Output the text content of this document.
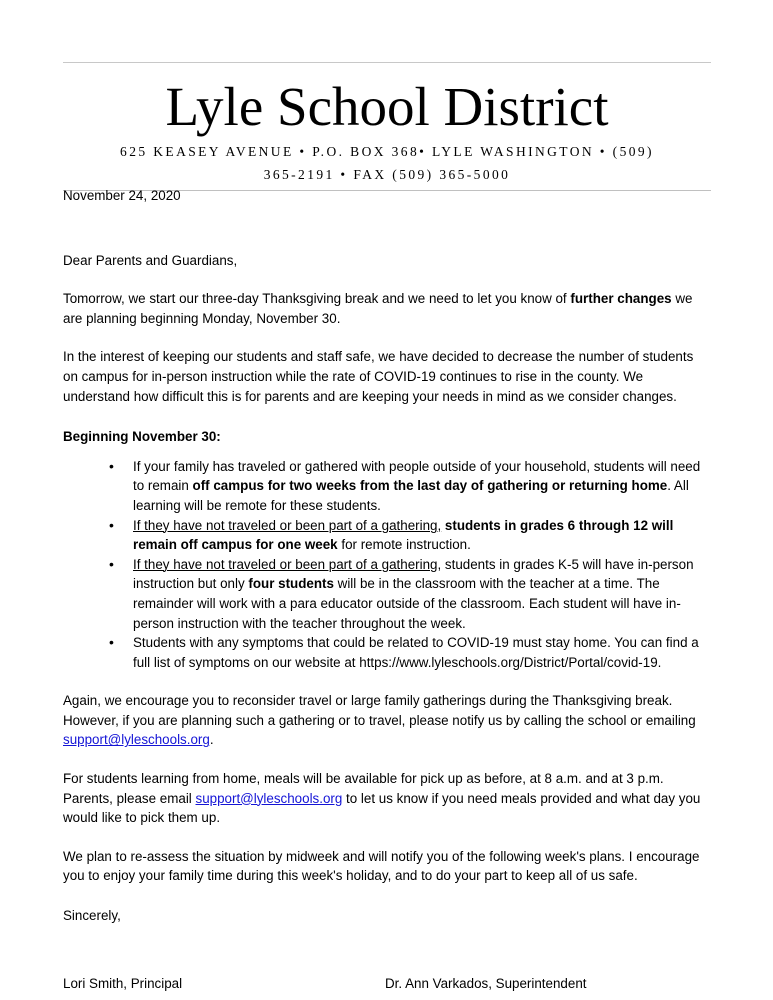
Lyle School District
625 KEASEY AVENUE • P.O. BOX 368• LYLE WASHINGTON • (509)
365-2191 • FAX (509) 365-5000
November 24, 2020
Dear Parents and Guardians,

Tomorrow, we start our three-day Thanksgiving break and we need to let you know of further changes we are planning beginning Monday, November 30.

In the interest of keeping our students and staff safe, we have decided to decrease the number of students on campus for in-person instruction while the rate of COVID-19 continues to rise in the county. We understand how difficult this is for parents and are keeping your needs in mind as we consider changes.

Beginning November 30:

• If your family has traveled or gathered with people outside of your household, students will need to remain off campus for two weeks from the last day of gathering or returning home. All learning will be remote for these students.
• If they have not traveled or been part of a gathering, students in grades 6 through 12 will remain off campus for one week for remote instruction.
• If they have not traveled or been part of a gathering, students in grades K-5 will have in-person instruction but only four students will be in the classroom with the teacher at a time. The remainder will work with a para educator outside of the classroom. Each student will have in-person instruction with the teacher throughout the week.
• Students with any symptoms that could be related to COVID-19 must stay home. You can find a full list of symptoms on our website at https://www.lyleschools.org/District/Portal/covid-19.

Again, we encourage you to reconsider travel or large family gatherings during the Thanksgiving break. However, if you are planning such a gathering or to travel, please notify us by calling the school or emailing support@lyleschools.org.

For students learning from home, meals will be available for pick up as before, at 8 a.m. and at 3 p.m. Parents, please email support@lyleschools.org to let us know if you need meals provided and what day you would like to pick them up.

We plan to re-assess the situation by midweek and will notify you of the following week's plans. I encourage you to enjoy your family time during this week's holiday, and to do your part to keep all of us safe.

Sincerely,

Lori Smith, Principal	Dr. Ann Varkados, Superintendent
